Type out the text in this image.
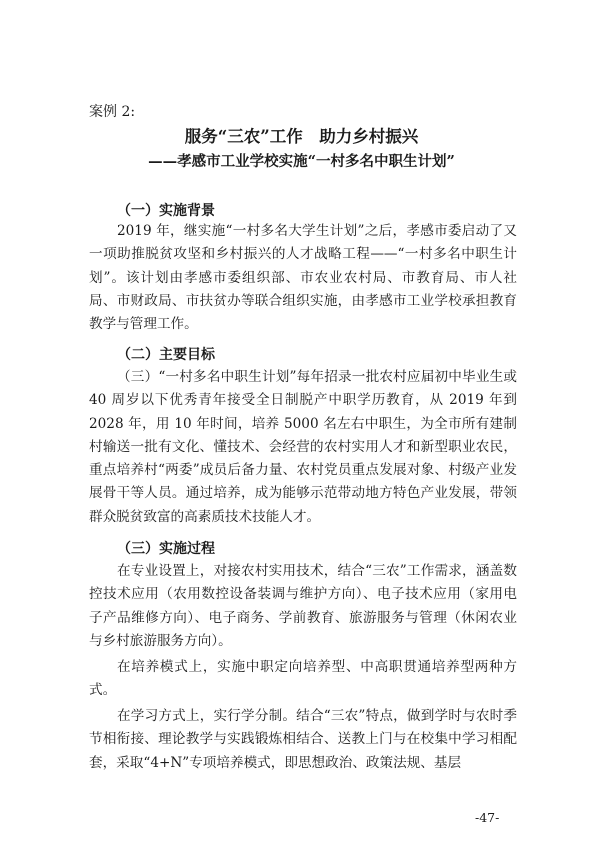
案例 2:
服务“三农”工作　助力乡村振兴
——孝感市工业学校实施“一村多名中职生计划”
（一）实施背景

2019 年，继实施“一村多名大学生计划”之后，孝感市委启动了又一项助推脱贫攻坚和乡村振兴的人才战略工程——“一村多名中职生计划”。该计划由孝感市委组织部、市农业农村局、市教育局、市人社局、市财政局、市扶贫办等联合组织实施，由孝感市工业学校承担教育教学与管理工作。

（二）主要目标

（三）“一村多名中职生计划”每年招录一批农村应届初中毕业生或 40 周岁以下优秀青年接受全日制脱产中职学历教育，从 2019 年到 2028 年，用 10 年时间，培养 5000 名左右中职生，为全市所有建制村输送一批有文化、懂技术、会经营的农村实用人才和新型职业农民，重点培养村“两委”成员后备力量、农村党员重点发展对象、村级产业发展骨干等人员。通过培养，成为能够示范带动地方特色产业发展，带领群众脱贫致富的高素质技术技能人才。

（三）实施过程

在专业设置上，对接农村实用技术，结合“三农”工作需求，涵盖数控技术应用（农用数控设备装调与维护方向）、电子技术应用（家用电子产品维修方向）、电子商务、学前教育、旅游服务与管理（休闲农业与乡村旅游服务方向）。

在培养模式上，实施中职定向培养型、中高职贯通培养型两种方式。

在学习方式上，实行学分制。结合“三农”特点，做到学时与农时季节相衔接、理论教学与实践锻炼相结合、送教上门与在校集中学习相配套，采取“4+N”专项培养模式，即思想政治、政策法规、基层

-47-
